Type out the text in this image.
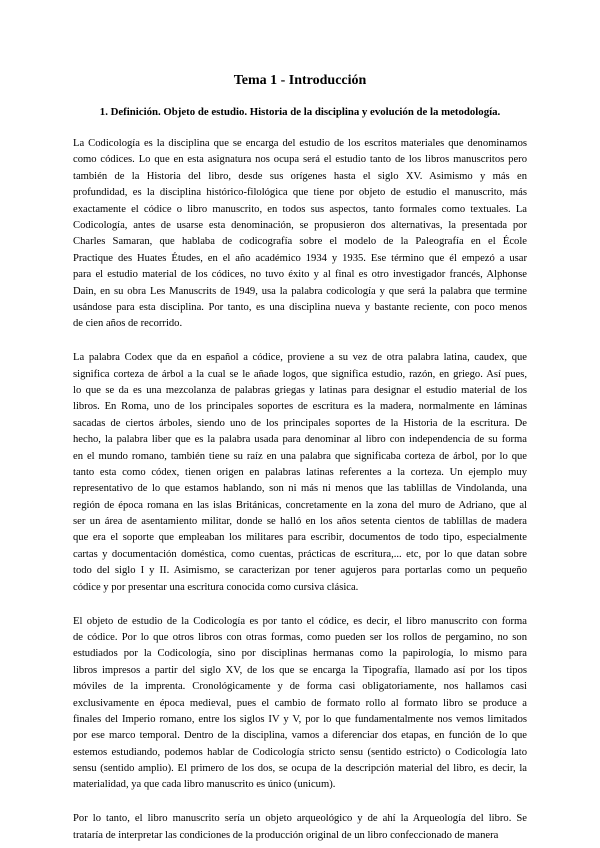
Tema 1 - Introducción
1. Definición. Objeto de estudio. Historia de la disciplina y evolución de la metodología.
La Codicología es la disciplina que se encarga del estudio de los escritos materiales que denominamos
como códices. Lo que en esta asignatura nos ocupa será el estudio tanto de los libros manuscritos pero
también de la Historia del libro, desde sus orígenes hasta el siglo XV. Asimismo y más en
profundidad, es la disciplina histórico-filológica que tiene por objeto de estudio el manuscrito, más
exactamente el códice o libro manuscrito, en todos sus aspectos, tanto formales como textuales. La
Codicología, antes de usarse esta denominación, se propusieron dos alternativas, la presentada por
Charles Samaran, que hablaba de codicografía sobre el modelo de la Paleografía en el École
Practique des Huates Études, en el año académico 1934 y 1935. Ese término que él empezó a usar
para el estudio material de los códices, no tuvo éxito y al final es otro investigador francés, Alphonse
Dain, en su obra Les Manuscrits de 1949, usa la palabra codicología y que será la palabra que termine
usándose para esta disciplina. Por tanto, es una disciplina nueva y bastante reciente, con poco menos
de cien años de recorrido.
La palabra Codex que da en español a códice, proviene a su vez de otra palabra latina, caudex, que
significa corteza de árbol a la cual se le añade logos, que significa estudio, razón, en griego. Así pues,
lo que se da es una mezcolanza de palabras griegas y latinas para designar el estudio material de los
libros. En Roma, uno de los principales soportes de escritura es la madera, normalmente en láminas
sacadas de ciertos árboles, siendo uno de los principales soportes de la Historia de la escritura. De
hecho, la palabra liber que es la palabra usada para denominar al libro con independencia de su forma
en el mundo romano, también tiene su raíz en una palabra que significaba corteza de árbol, por lo que
tanto esta como códex, tienen origen en palabras latinas referentes a la corteza. Un ejemplo muy
representativo de lo que estamos hablando, son ni más ni menos que las tablillas de Vindolanda, una
región de época romana en las islas Británicas, concretamente en la zona del muro de Adriano, que al
ser un área de asentamiento militar, donde se halló en los años setenta cientos de tablillas de madera
que era el soporte que empleaban los militares para escribir, documentos de todo tipo, especialmente
cartas y documentación doméstica, como cuentas, prácticas de escritura,... etc, por lo que datan sobre
todo del siglo I y II. Asimismo, se caracterizan por tener agujeros para portarlas como un pequeño
códice y por presentar una escritura conocida como cursiva clásica.
El objeto de estudio de la Codicología es por tanto el códice, es decir, el libro manuscrito con forma
de códice. Por lo que otros libros con otras formas, como pueden ser los rollos de pergamino, no son
estudiados por la Codicología, sino por disciplinas hermanas como la papirología, lo mismo para
libros impresos a partir del siglo XV, de los que se encarga la Tipografía, llamado así por los tipos
móviles de la imprenta. Cronológicamente y de forma casi obligatoriamente, nos hallamos casi
exclusivamente en época medieval, pues el cambio de formato rollo al formato libro se produce a
finales del Imperio romano, entre los siglos IV y V, por lo que fundamentalmente nos vemos limitados
por ese marco temporal. Dentro de la disciplina, vamos a diferenciar dos etapas, en función de lo que
estemos estudiando, podemos hablar de Codicología stricto sensu (sentido estricto) o Codicología lato
sensu (sentido amplio). El primero de los dos, se ocupa de la descripción material del libro, es decir, la
materialidad, ya que cada libro manuscrito es único (unicum).
Por lo tanto, el libro manuscrito sería un objeto arqueológico y de ahí la Arqueología del libro. Se
trataría de interpretar las condiciones de la producción original de un libro confeccionado de manera
